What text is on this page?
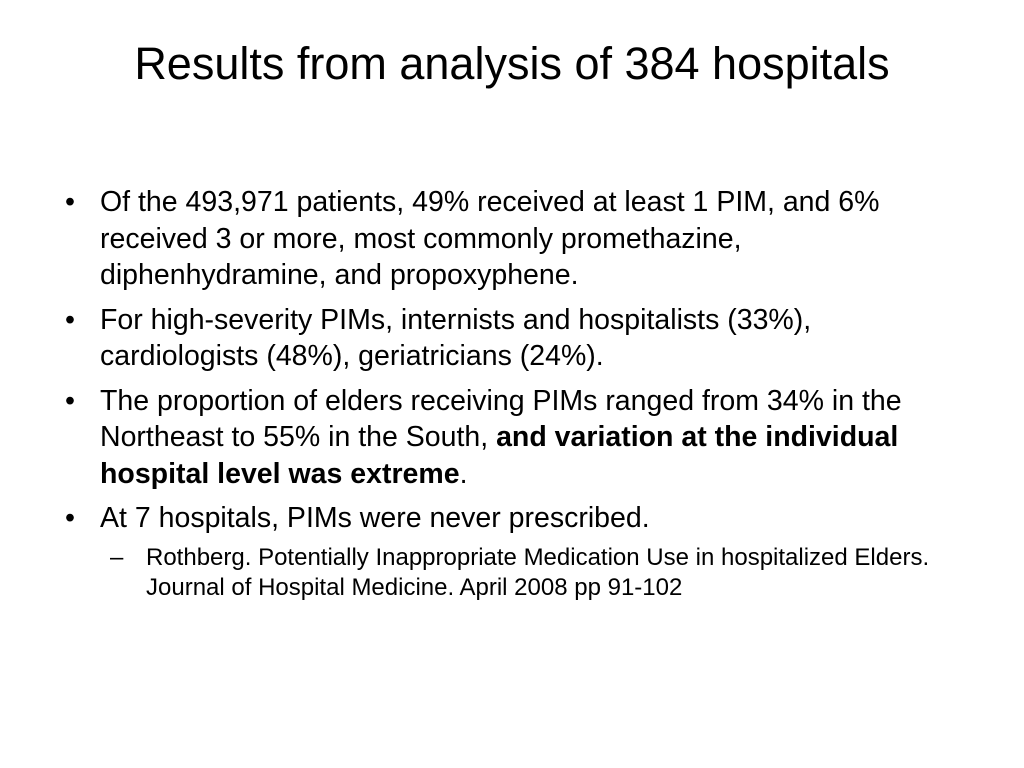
Results from analysis of 384 hospitals
• Of the 493,971 patients, 49% received at least 1 PIM, and 6% received 3 or more, most commonly promethazine, diphenhydramine, and propoxyphene.
• For high-severity PIMs, internists and hospitalists (33%), cardiologists (48%), geriatricians (24%).
• The proportion of elders receiving PIMs ranged from 34% in the Northeast to 55% in the South, and variation at the individual hospital level was extreme.
• At 7 hospitals, PIMs were never prescribed.
– Rothberg. Potentially Inappropriate Medication Use in hospitalized Elders. Journal of Hospital Medicine. April 2008 pp 91-102
